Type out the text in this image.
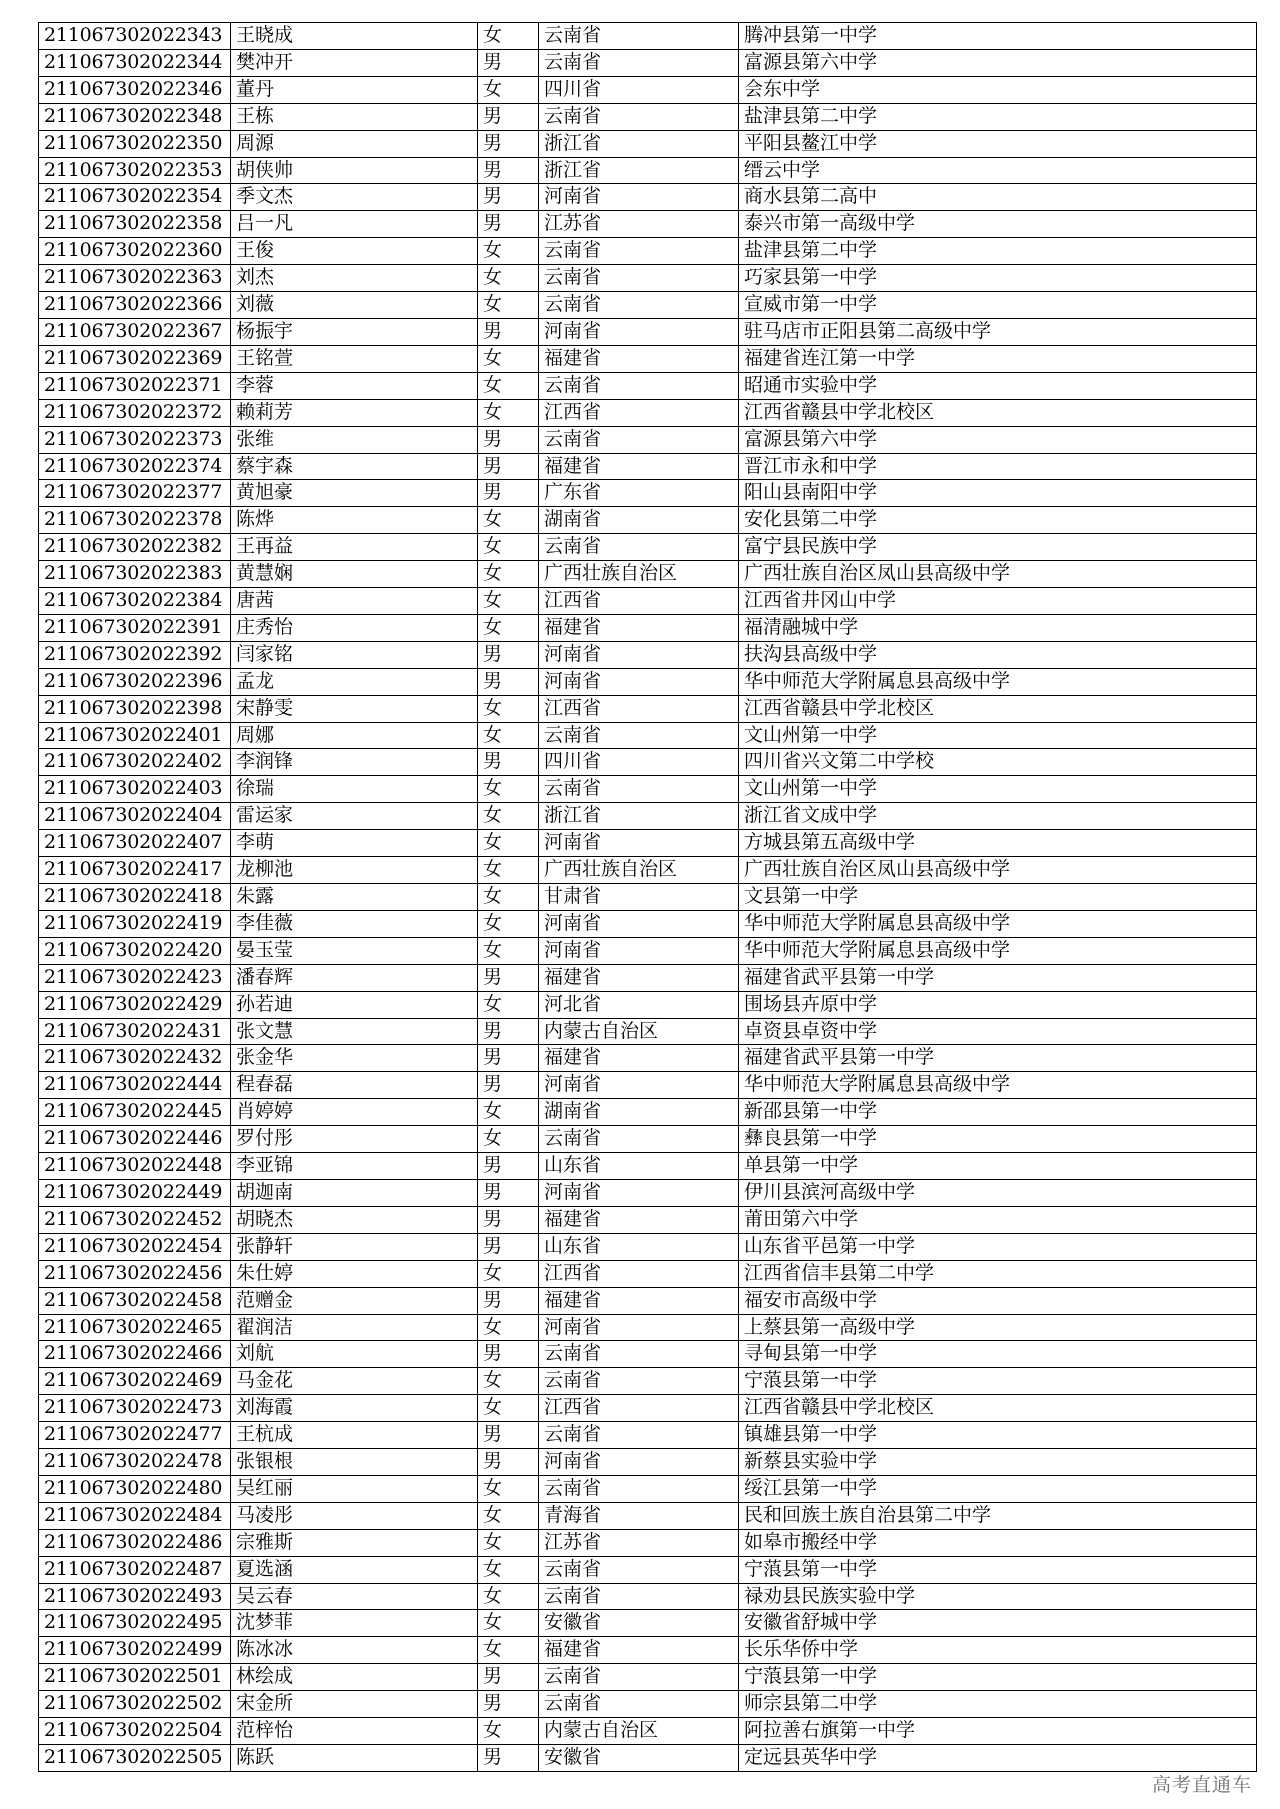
211067302022343	王晓成	女	云南省	腾冲县第一中学
211067302022344	樊冲开	男	云南省	富源县第六中学
211067302022346	董丹	女	四川省	会东中学
211067302022348	王栋	男	云南省	盐津县第二中学
211067302022350	周源	男	浙江省	平阳县鳌江中学
211067302022353	胡侠帅	男	浙江省	缙云中学
211067302022354	季文杰	男	河南省	商水县第二高中
211067302022358	吕一凡	男	江苏省	泰兴市第一高级中学
211067302022360	王俊	女	云南省	盐津县第二中学
211067302022363	刘杰	女	云南省	巧家县第一中学
211067302022366	刘薇	女	云南省	宣威市第一中学
211067302022367	杨振宇	男	河南省	驻马店市正阳县第二高级中学
211067302022369	王铭萱	女	福建省	福建省连江第一中学
211067302022371	李蓉	女	云南省	昭通市实验中学
211067302022372	赖莉芳	女	江西省	江西省赣县中学北校区
211067302022373	张维	男	云南省	富源县第六中学
211067302022374	蔡宇森	男	福建省	晋江市永和中学
211067302022377	黄旭豪	男	广东省	阳山县南阳中学
211067302022378	陈烨	女	湖南省	安化县第二中学
211067302022382	王再益	女	云南省	富宁县民族中学
211067302022383	黄慧娴	女	广西壮族自治区	广西壮族自治区凤山县高级中学
211067302022384	唐茜	女	江西省	江西省井冈山中学
211067302022391	庄秀怡	女	福建省	福清融城中学
211067302022392	闫家铭	男	河南省	扶沟县高级中学
211067302022396	孟龙	男	河南省	华中师范大学附属息县高级中学
211067302022398	宋静雯	女	江西省	江西省赣县中学北校区
211067302022401	周娜	女	云南省	文山州第一中学
211067302022402	李润锋	男	四川省	四川省兴文第二中学校
211067302022403	徐瑞	女	云南省	文山州第一中学
211067302022404	雷运家	女	浙江省	浙江省文成中学
211067302022407	李萌	女	河南省	方城县第五高级中学
211067302022417	龙柳池	女	广西壮族自治区	广西壮族自治区凤山县高级中学
211067302022418	朱露	女	甘肃省	文县第一中学
211067302022419	李佳薇	女	河南省	华中师范大学附属息县高级中学
211067302022420	晏玉莹	女	河南省	华中师范大学附属息县高级中学
211067302022423	潘春辉	男	福建省	福建省武平县第一中学
211067302022429	孙若迪	女	河北省	围场县卉原中学
211067302022431	张文慧	男	内蒙古自治区	卓资县卓资中学
211067302022432	张金华	男	福建省	福建省武平县第一中学
211067302022444	程春磊	男	河南省	华中师范大学附属息县高级中学
211067302022445	肖婷婷	女	湖南省	新邵县第一中学
211067302022446	罗付彤	女	云南省	彝良县第一中学
211067302022448	李亚锦	男	山东省	单县第一中学
211067302022449	胡迦南	男	河南省	伊川县滨河高级中学
211067302022452	胡晓杰	男	福建省	莆田第六中学
211067302022454	张静轩	男	山东省	山东省平邑第一中学
211067302022456	朱仕婷	女	江西省	江西省信丰县第二中学
211067302022458	范赠金	男	福建省	福安市高级中学
211067302022465	翟润洁	女	河南省	上蔡县第一高级中学
211067302022466	刘航	男	云南省	寻甸县第一中学
211067302022469	马金花	女	云南省	宁蒗县第一中学
211067302022473	刘海霞	女	江西省	江西省赣县中学北校区
211067302022477	王杭成	男	云南省	镇雄县第一中学
211067302022478	张银根	男	河南省	新蔡县实验中学
211067302022480	吴红丽	女	云南省	绥江县第一中学
211067302022484	马凌彤	女	青海省	民和回族土族自治县第二中学
211067302022486	宗雅斯	女	江苏省	如皋市搬经中学
211067302022487	夏选涵	女	云南省	宁蒗县第一中学
211067302022493	吴云春	女	云南省	禄劝县民族实验中学
211067302022495	沈梦菲	女	安徽省	安徽省舒城中学
211067302022499	陈冰冰	女	福建省	长乐华侨中学
211067302022501	林绘成	男	云南省	宁蒗县第一中学
211067302022502	宋金所	男	云南省	师宗县第二中学
211067302022504	范梓怡	女	内蒙古自治区	阿拉善右旗第一中学
211067302022505	陈跃	男	安徽省	定远县英华中学
高考直通车
